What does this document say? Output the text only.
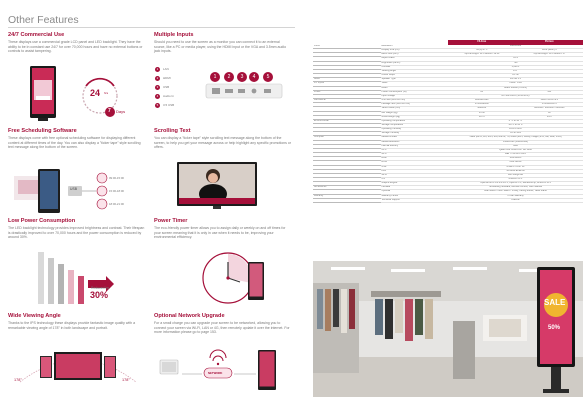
Other Features
24/7 Commercial Use
These displays use a commercial grade LCD panel and LED backlight. They have the ability to be in constant use 24/7 for over 70,000 hours and have no external buttons or controls to assist tampering.
24 hrs
7 Days
Multiple Inputs
Should you need to use the screen as a monitor you can connect it to an external source, like a PC or media player, using the HDMI input or the VGA and 3.5mm audio jack inputs.
1 LAN
2 HDMI
3 USB
4 Audio In
5 3.5 USB
1	2	3	4	5
Free Scheduling Software
These displays come with free optional scheduling software for displaying different content at different times of the day. You can also display a "ticker tape" style scrolling text message along the bottom of the screen.
USB
09:00-15:00
15:00-18:00
18:00-21:00
Scrolling Text
You can display a "ticker tape" style scrolling text message along the bottom of the screen, to help you get your message across or help highlight any specific promotions or offers.
Low Power Consumption
The LED backlight technology provides improved brightness and contrast. Their lifespan is drastically improved to over 70,000 hours and the power consumption is reduced by around 30%.
Reduced by
30%
Power Timer
The eco-friendly power timer allows you to assign daily or weekly on and off times for your screen meaning that it is only in use when it needs to be, improving your environmental efficiency.
Wide Viewing Angle
Thanks to the IPS technology these displays provide fantastic image quality with a remarkable viewing angle of 178° in both landscape and portrait.
178°	178°
Optional Network Upgrade
For a small charge you can upgrade your screen to be networked, allowing you to connect your screen via Wi-Fi, LAN or 4G, then remotely update it over the internet. For more information please go to page 153.
NETWORK
		FS-0xxx	FS-0xxx
Panel	Resolution	1920x1080	
	Display Size (cm)	94 (L)/37.5	1209 (width) 4
	Bezel Size (mm)	Top-Left-Right: 12.4 Bottom: 18.10	Top-Left-Right: 12.4 Bottom: 17
	Aspect Ratio	16:9	
	Brightness (cd/m²)	700	
	Contrast	1,000:1	
	Viewing Angle	178°	
	Colour Depth	16.7M	
Audio	Speaker Type	2W 8Ω x 2	
PC Inputs	Video	HDMI / VGA	
	Audio	Audio Socket (3.5mm)	
Power	Power Consumption (W)	80	145
	Input Voltage	AC 100~240V (50Hz/60Hz)	
Mechanical	Unit Size (WxHxD mm)	Feet1210x90	1212x708.9x79.3
	Package Size (WxHxD mm)	1700x948x90	1700x985x170
	VESA Holes (mm)	400x200	400x400 / 600x400 / 800x400
	Net Weight (kg)	15.30	38
	Gross Weight (kg)	18.70	44.6
Environmental	Operating Temperature	0 °C to 40 °C	
	Storage Temperature	-20°C to 60°C	
	Operating Humidity	20% to 80%	
	Storage Humidity	5% to 95%	
Computer	Media Formats	Video (MPG, AVI, MP4, RM, RMVB, TS, Audio (MP3, WMA), Image (JPG, GIF, BMP, PNG)	
	Media Resolution	1920x1080 (1080x1920)	
	Internal Memory	8GB	
	CPU	Quad Core Cortex A17 RK 3288	
	GPU	Mali T764 MP4 GPU	
	RAM	2GB DDR3	
	ROM	8GB NAND	
	USB	USB2.0 HOST x2	
	LAN	10/100M Ethernet	
	Wi-Fi	802.11b/g/n/ac	
	OS	Android 5.1.1	
	Graphic Engine	OpenGL ES 1.1/2.0/3.0/3.1, OpenCL 1.1, Renderscript, DirectX9 11.1	
Accessories	Included	Scheduling Software, Remote Control, User Manual	
	Optional	Wall Mount / Floor Stand / Trolley, Ceiling Mount, Table Stand	
Warranty	Warranty Period	3 Year Warranty	
	Technical Support	Lifetime	
SALE
50%
